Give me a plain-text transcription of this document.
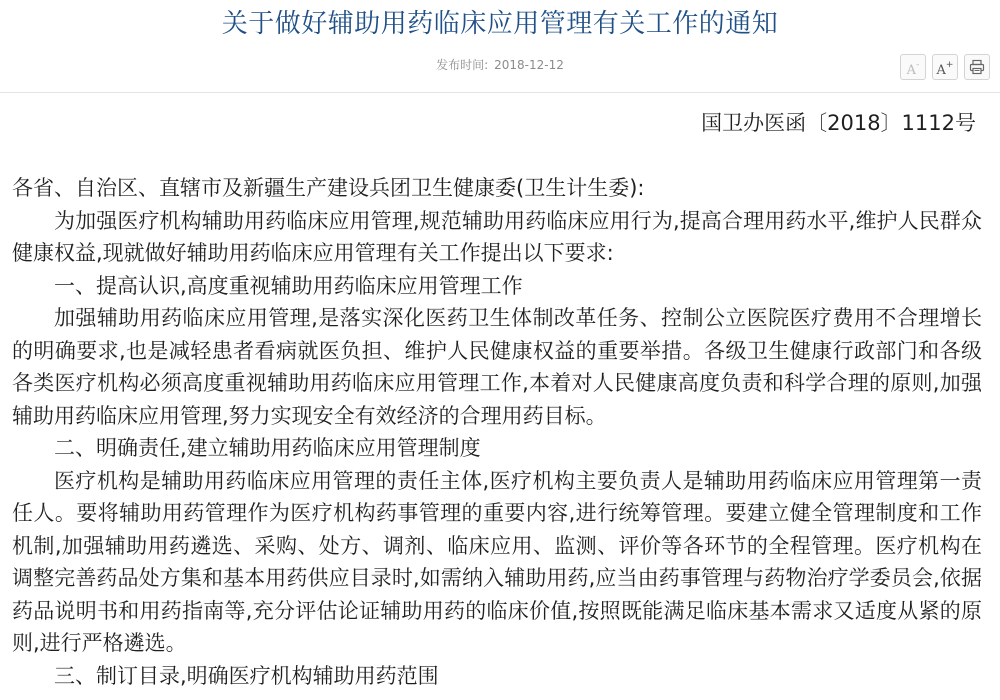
关于做好辅助用药临床应用管理有关工作的通知
发布时间: 2018-12-12	A-	A+
国卫办医函〔2018〕1112号

各省、自治区、直辖市及新疆生产建设兵团卫生健康委(卫生计生委):

为加强医疗机构辅助用药临床应用管理,规范辅助用药临床应用行为,提高合理用药水平,维护人民群众健康权益,现就做好辅助用药临床应用管理有关工作提出以下要求:

一、提高认识,高度重视辅助用药临床应用管理工作

加强辅助用药临床应用管理,是落实深化医药卫生体制改革任务、控制公立医院医疗费用不合理增长的明确要求,也是减轻患者看病就医负担、维护人民健康权益的重要举措。各级卫生健康行政部门和各级各类医疗机构必须高度重视辅助用药临床应用管理工作,本着对人民健康高度负责和科学合理的原则,加强辅助用药临床应用管理,努力实现安全有效经济的合理用药目标。

二、明确责任,建立辅助用药临床应用管理制度

医疗机构是辅助用药临床应用管理的责任主体,医疗机构主要负责人是辅助用药临床应用管理第一责任人。要将辅助用药管理作为医疗机构药事管理的重要内容,进行统筹管理。要建立健全管理制度和工作机制,加强辅助用药遴选、采购、处方、调剂、临床应用、监测、评价等各环节的全程管理。医疗机构在调整完善药品处方集和基本用药供应目录时,如需纳入辅助用药,应当由药事管理与药物治疗学委员会,依据药品说明书和用药指南等,充分评估论证辅助用药的临床价值,按照既能满足临床基本需求又适度从紧的原则,进行严格遴选。

三、制订目录,明确医疗机构辅助用药范围
